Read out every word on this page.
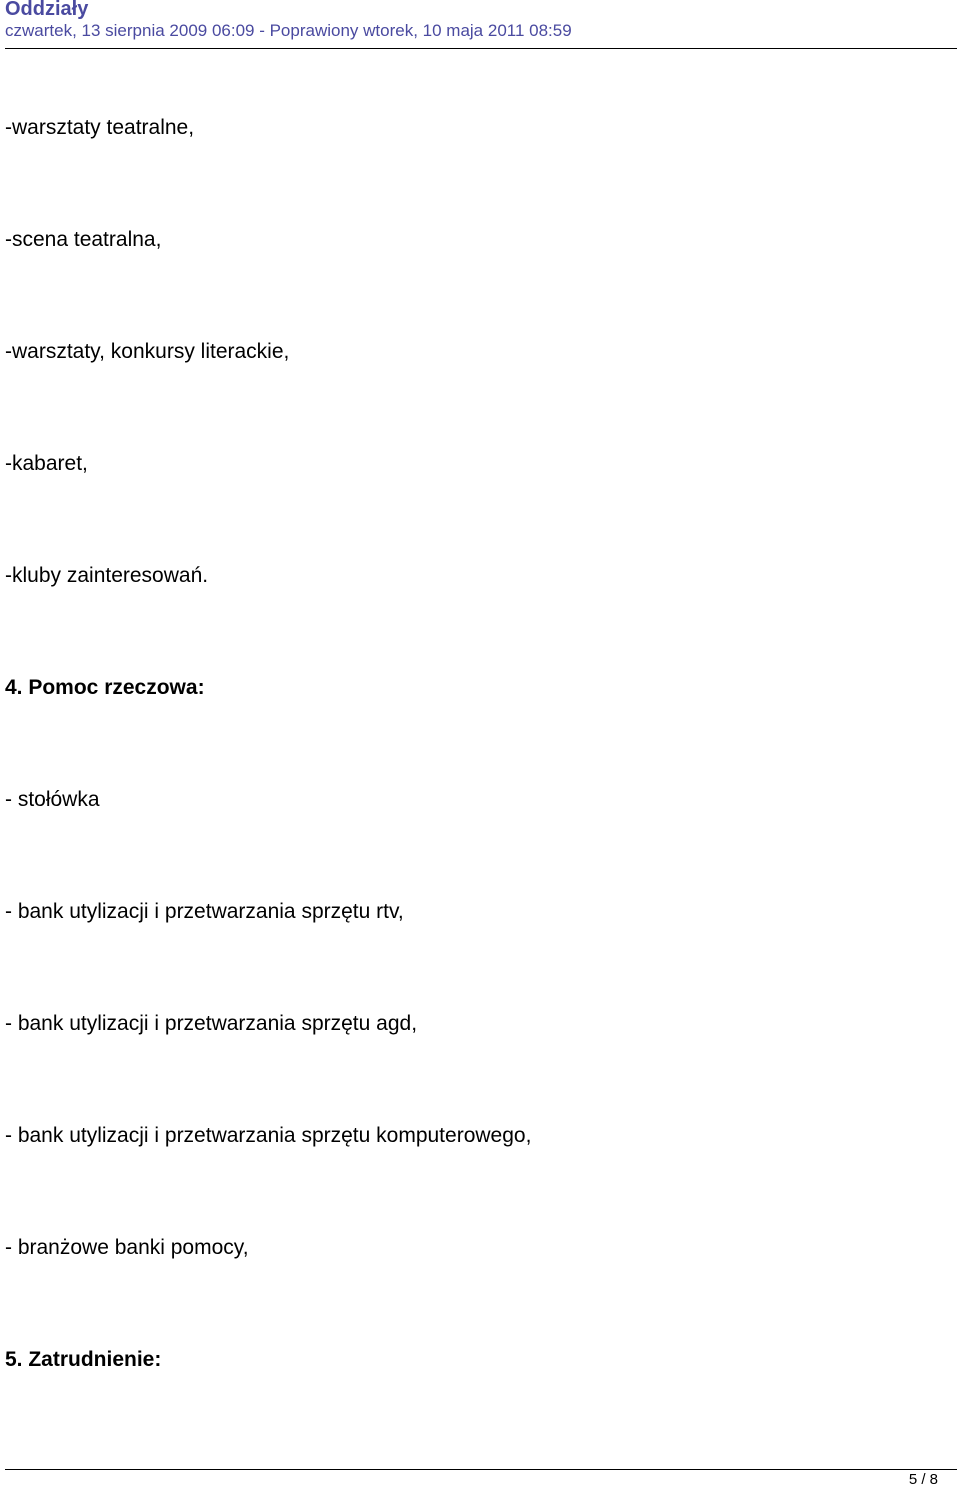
Oddziały
czwartek, 13 sierpnia 2009 06:09 - Poprawiony wtorek, 10 maja 2011 08:59
-warsztaty teatralne,
-scena teatralna,
-warsztaty, konkursy literackie,
-kabaret,
-kluby zainteresowań.
4. Pomoc rzeczowa:
- stołówka
- bank utylizacji i przetwarzania sprzętu rtv,
- bank utylizacji i przetwarzania sprzętu agd,
- bank utylizacji i przetwarzania sprzętu komputerowego,
- branżowe banki pomocy,
5. Zatrudnienie:
5 / 8
